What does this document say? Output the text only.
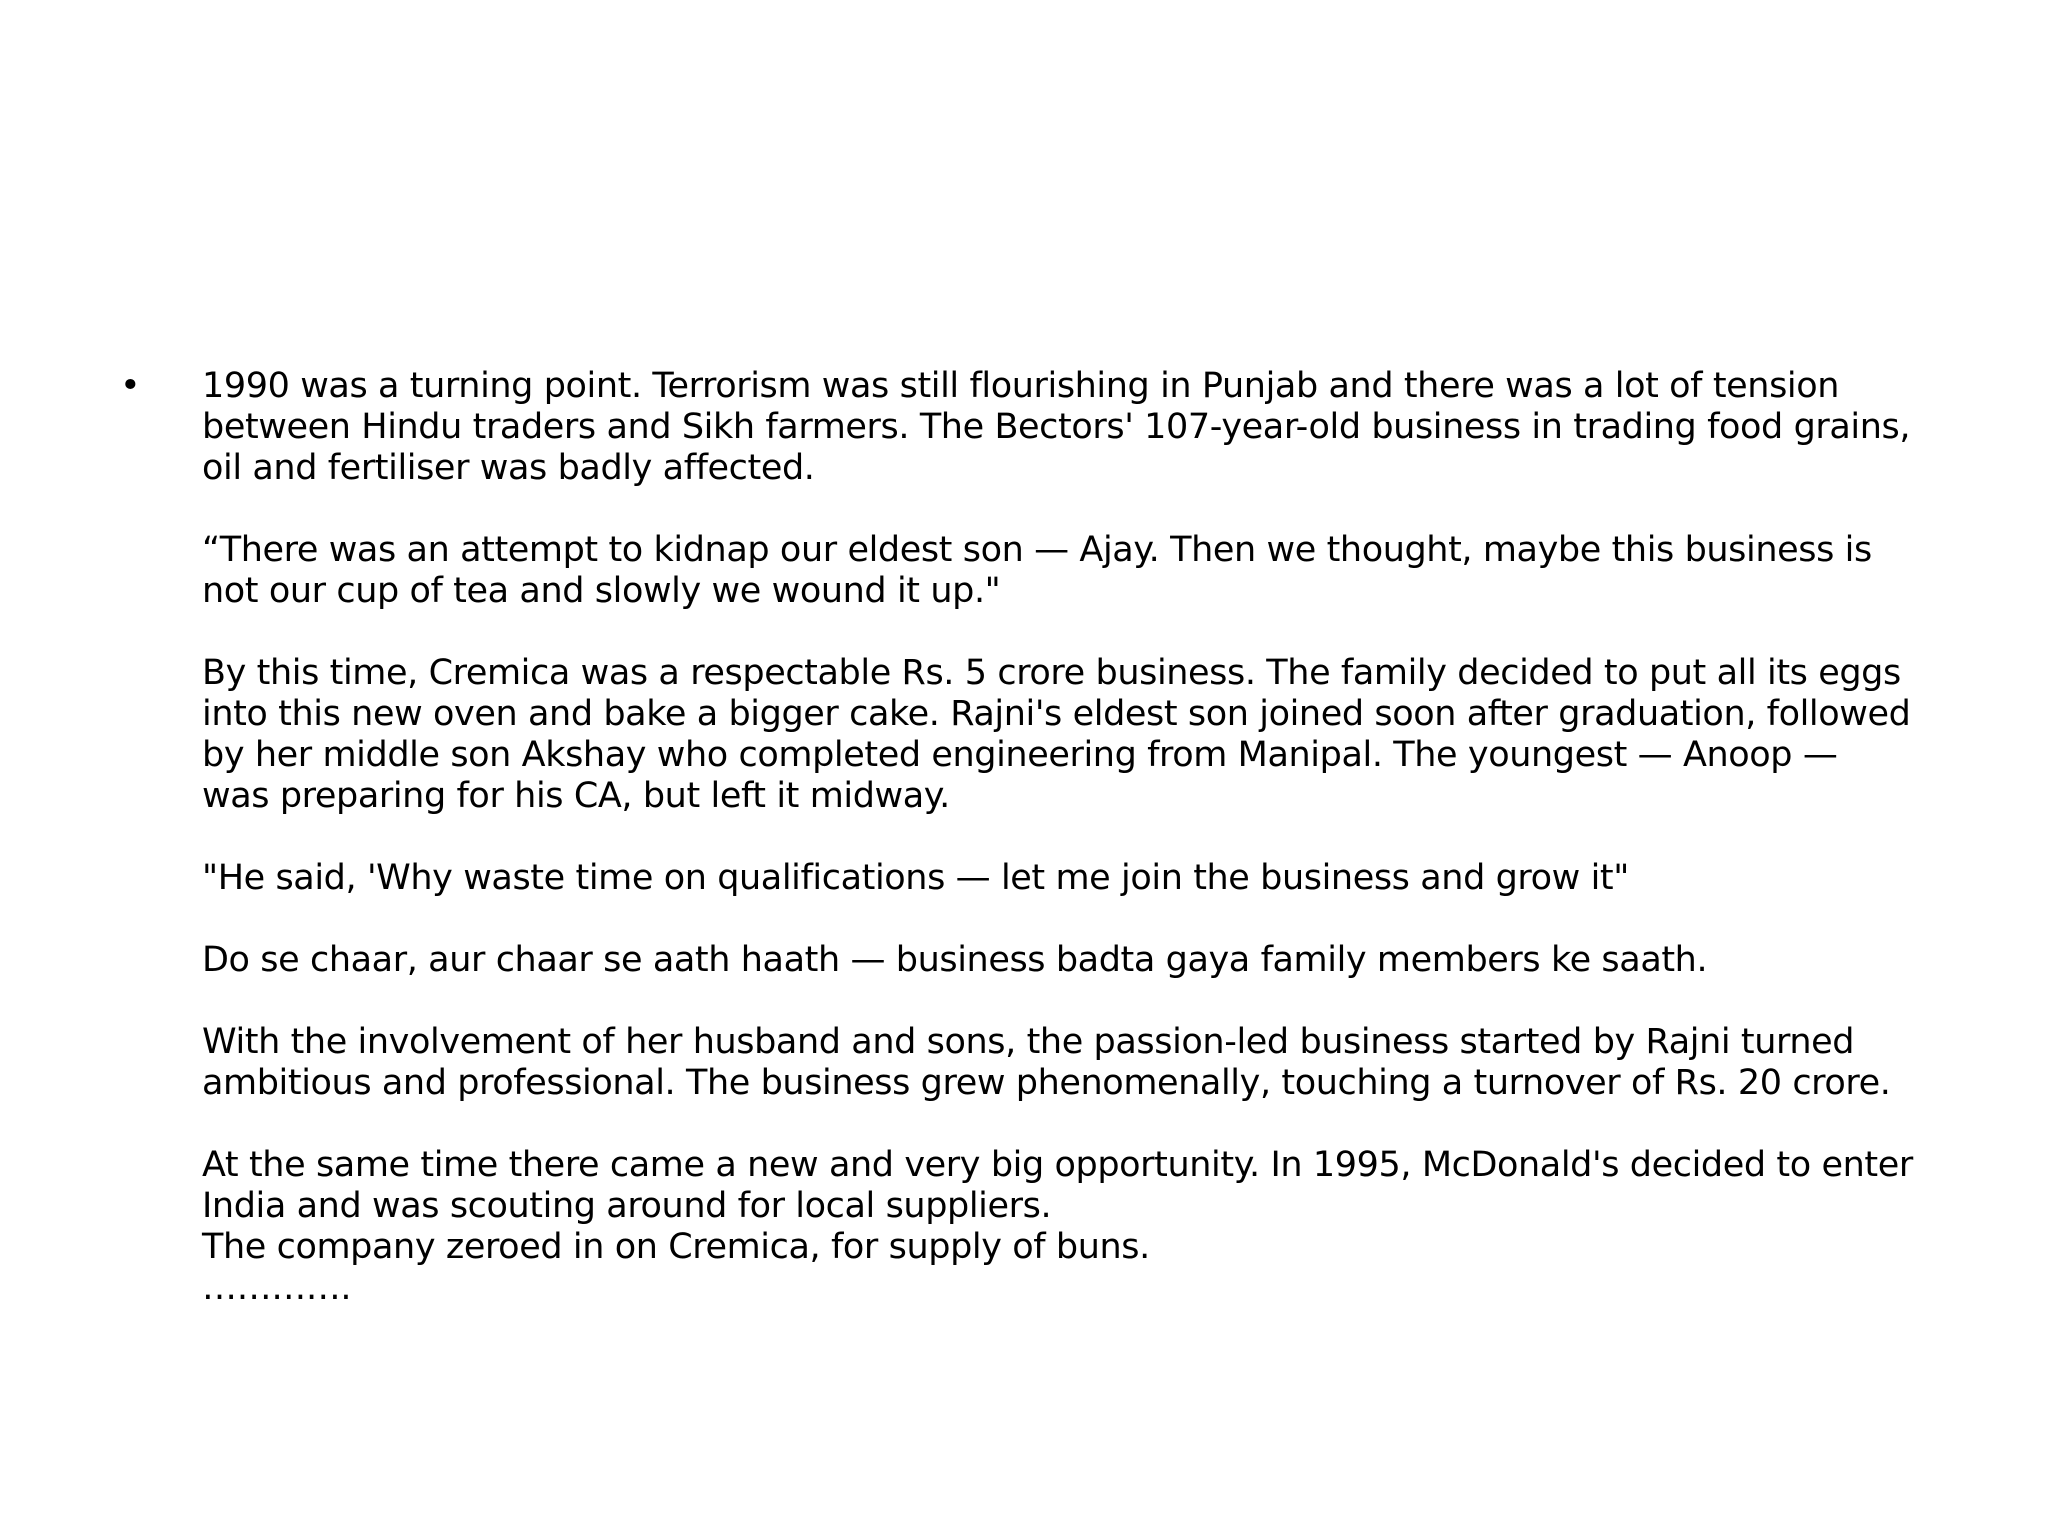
•	1990 was a turning point. Terrorism was still flourishing in Punjab and there was a lot of tension
between Hindu traders and Sikh farmers. The Bectors' 107-year-old business in trading food grains,
oil and fertiliser was badly affected.

“There was an attempt to kidnap our eldest son — Ajay. Then we thought, maybe this business is
not our cup of tea and slowly we wound it up."

By this time, Cremica was a respectable Rs. 5 crore business. The family decided to put all its eggs
into this new oven and bake a bigger cake. Rajni's eldest son joined soon after graduation, followed
by her middle son Akshay who completed engineering from Manipal. The youngest — Anoop —
was preparing for his CA, but left it midway.

"He said, 'Why waste time on qualifications — let me join the business and grow it"

Do se chaar, aur chaar se aath haath — business badta gaya family members ke saath.

With the involvement of her husband and sons, the passion-led business started by Rajni turned
ambitious and professional. The business grew phenomenally, touching a turnover of Rs. 20 crore.

At the same time there came a new and very big opportunity. In 1995, McDonald's decided to enter
India and was scouting around for local suppliers.
The company zeroed in on Cremica, for supply of buns.
………….
